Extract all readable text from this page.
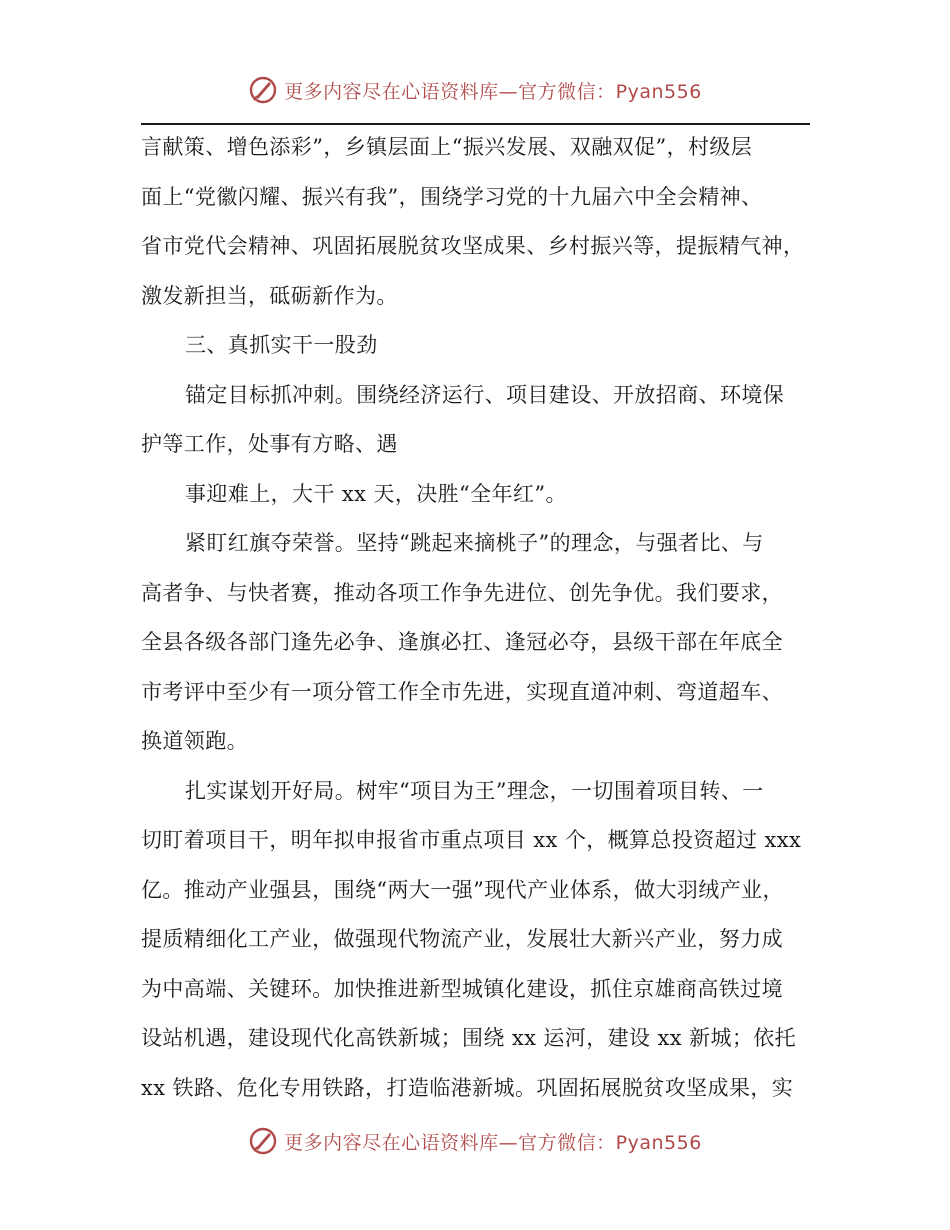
更多内容尽在心语资料库—官方微信：Pyan556
言献策、增色添彩”，乡镇层面上“振兴发展、双融双促”，村级层
面上“党徽闪耀、振兴有我”，围绕学习党的十九届六中全会精神、
省市党代会精神、巩固拓展脱贫攻坚成果、乡村振兴等，提振精气神，
激发新担当，砥砺新作为。
三、真抓实干一股劲
锚定目标抓冲刺。围绕经济运行、项目建设、开放招商、环境保
护等工作，处事有方略、遇
事迎难上，大干 xx 天，决胜“全年红”。
紧盯红旗夺荣誉。坚持“跳起来摘桃子”的理念，与强者比、与
高者争、与快者赛，推动各项工作争先进位、创先争优。我们要求，
全县各级各部门逢先必争、逢旗必扛、逢冠必夺，县级干部在年底全
市考评中至少有一项分管工作全市先进，实现直道冲刺、弯道超车、
换道领跑。
扎实谋划开好局。树牢“项目为王”理念，一切围着项目转、一
切盯着项目干，明年拟申报省市重点项目 xx 个，概算总投资超过 xxx
亿。推动产业强县，围绕“两大一强”现代产业体系，做大羽绒产业，
提质精细化工产业，做强现代物流产业，发展壮大新兴产业，努力成
为中高端、关键环。加快推进新型城镇化建设，抓住京雄商高铁过境
设站机遇，建设现代化高铁新城；围绕 xx 运河，建设 xx 新城；依托
xx 铁路、危化专用铁路，打造临港新城。巩固拓展脱贫攻坚成果，实
更多内容尽在心语资料库—官方微信：Pyan556
